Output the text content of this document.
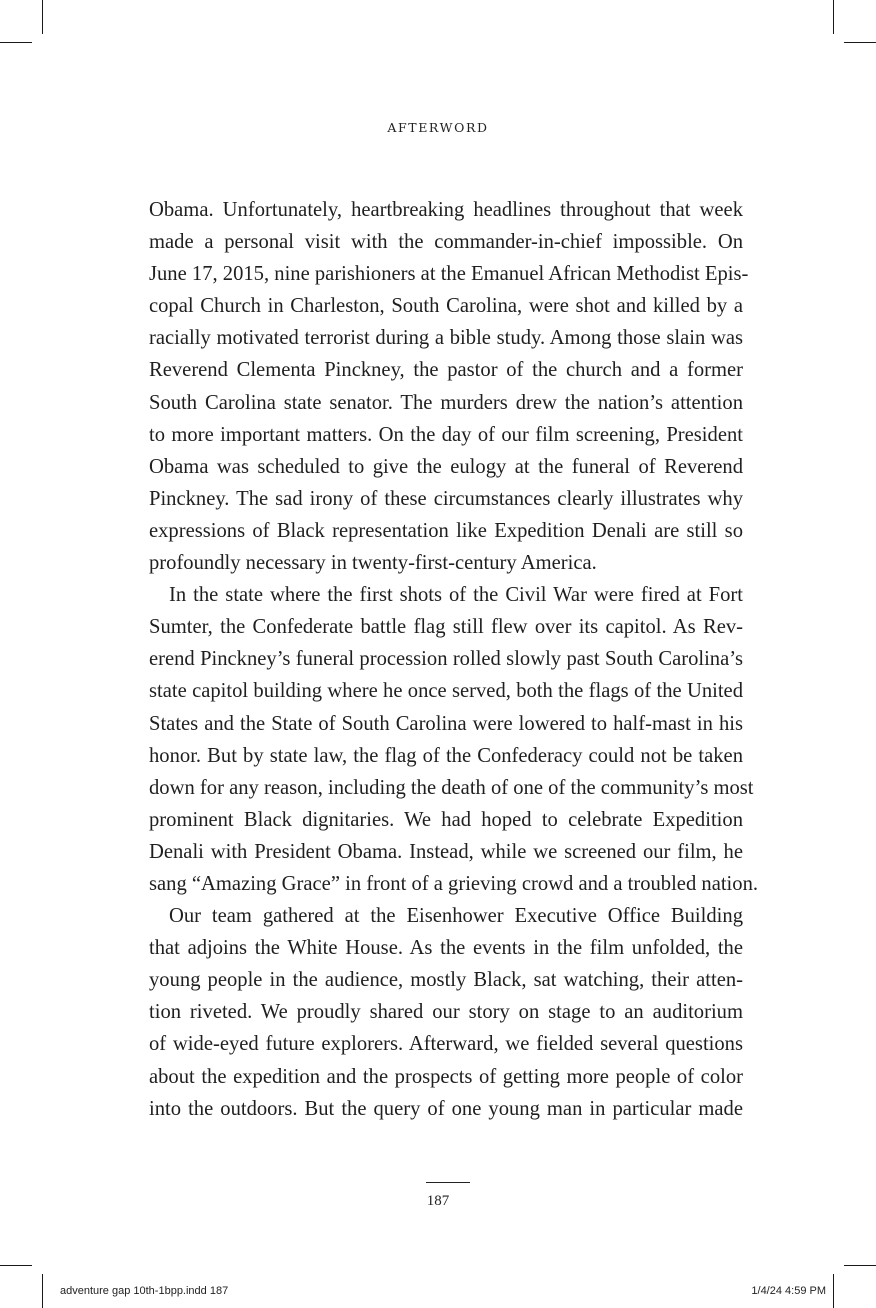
AFTERWORD
Obama. Unfortunately, heartbreaking headlines throughout that week
made a personal visit with the commander-in-chief impossible. On
June 17, 2015, nine parishioners at the Emanuel African Methodist Epis-
copal Church in Charleston, South Carolina, were shot and killed by a
racially motivated terrorist during a bible study. Among those slain was
Reverend Clementa Pinckney, the pastor of the church and a former
South Carolina state senator. The murders drew the nation’s attention
to more important matters. On the day of our film screening, President
Obama was scheduled to give the eulogy at the funeral of Reverend
Pinckney. The sad irony of these circumstances clearly illustrates why
expressions of Black representation like Expedition Denali are still so
profoundly necessary in twenty-first-century America.
In the state where the first shots of the Civil War were fired at Fort
Sumter, the Confederate battle flag still flew over its capitol. As Rev-
erend Pinckney’s funeral procession rolled slowly past South Carolina’s
state capitol building where he once served, both the flags of the United
States and the State of South Carolina were lowered to half-mast in his
honor. But by state law, the flag of the Confederacy could not be taken
down for any reason, including the death of one of the community’s most
prominent Black dignitaries. We had hoped to celebrate Expedition
Denali with President Obama. Instead, while we screened our film, he
sang “Amazing Grace” in front of a grieving crowd and a troubled nation.
Our team gathered at the Eisenhower Executive Office Building
that adjoins the White House. As the events in the film unfolded, the
young people in the audience, mostly Black, sat watching, their atten-
tion riveted. We proudly shared our story on stage to an auditorium
of wide-eyed future explorers. Afterward, we fielded several questions
about the expedition and the prospects of getting more people of color
into the outdoors. But the query of one young man in particular made
187
adventure gap 10th-1bpp.indd 187	1/4/24 4:59 PM
